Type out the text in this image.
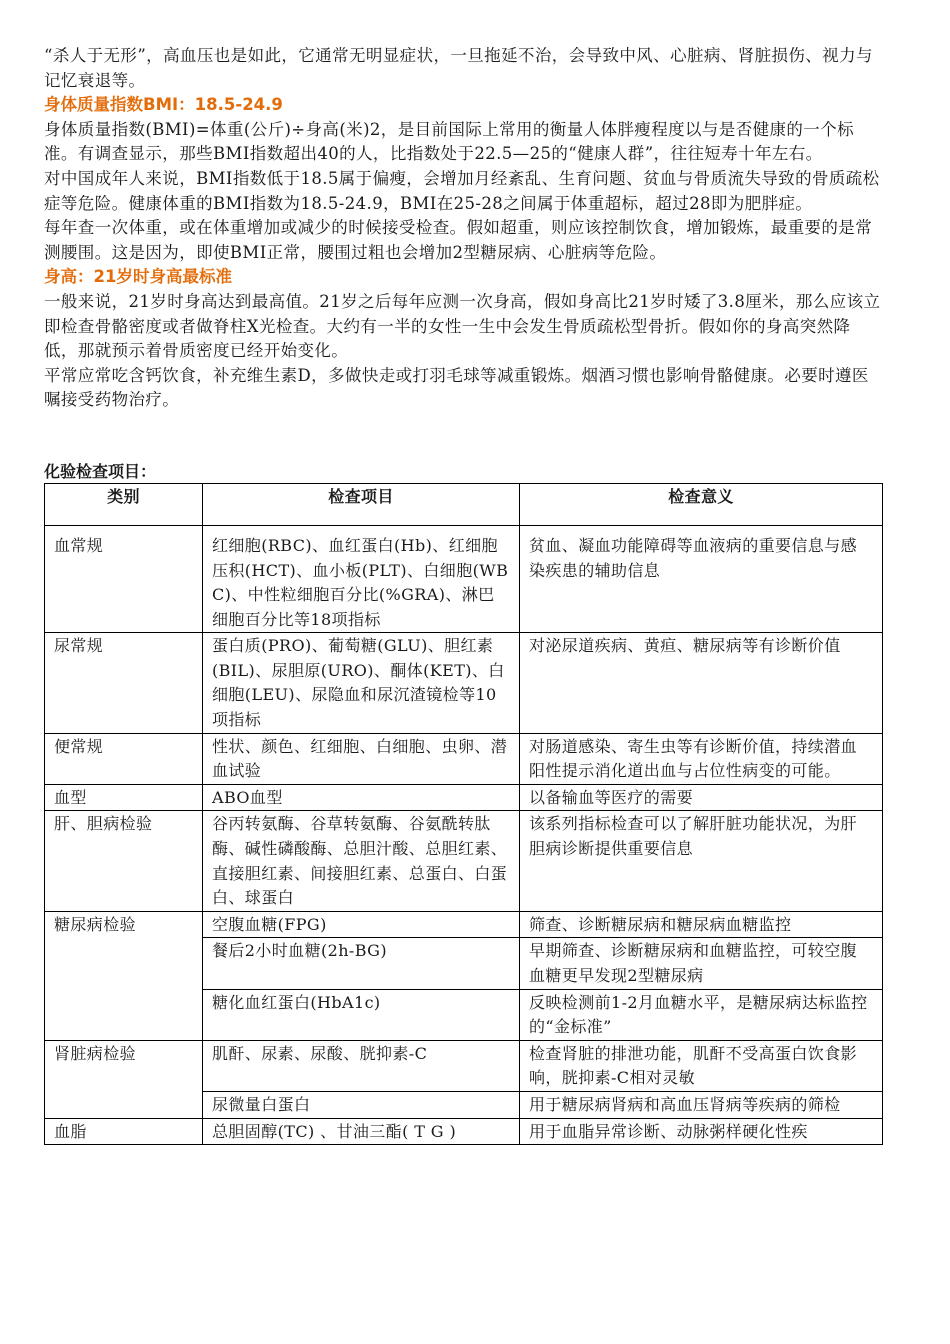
“杀人于无形”，高血压也是如此，它通常无明显症状，一旦拖延不治，会导致中风、心脏病、肾脏损伤、视力与记忆衰退等。

身体质量指数BMI：18.5-24.9

身体质量指数(BMI)=体重(公斤)÷身高(米)2，是目前国际上常用的衡量人体胖瘦程度以与是否健康的一个标准。有调查显示，那些BMI指数超出40的人，比指数处于22.5—25的“健康人群”，往往短寿十年左右。

对中国成年人来说，BMI指数低于18.5属于偏瘦，会增加月经紊乱、生育问题、贫血与骨质流失导致的骨质疏松症等危险。健康体重的BMI指数为18.5-24.9，BMI在25-28之间属于体重超标，超过28即为肥胖症。

每年查一次体重，或在体重增加或减少的时候接受检查。假如超重，则应该控制饮食，增加锻炼，最重要的是常测腰围。这是因为，即使BMI正常，腰围过粗也会增加2型糖尿病、心脏病等危险。

身高：21岁时身高最标准

一般来说，21岁时身高达到最高值。21岁之后每年应测一次身高，假如身高比21岁时矮了3.8厘米，那么应该立即检查骨骼密度或者做脊柱X光检查。大约有一半的女性一生中会发生骨质疏松型骨折。假如你的身高突然降低，那就预示着骨质密度已经开始变化。

平常应常吃含钙饮食，补充维生素D，多做快走或打羽毛球等减重锻炼。烟酒习惯也影响骨骼健康。必要时遵医嘱接受药物治疗。

化验检查项目：

类别	检查项目	检查意义
血常规	红细胞(RBC)、血红蛋白(Hb)、红细胞压积(HCT)、血小板(PLT)、白细胞(WBC)、中性粒细胞百分比(%GRA)、淋巴细胞百分比等18项指标	贫血、凝血功能障碍等血液病的重要信息与感染疾患的辅助信息
尿常规	蛋白质(PRO)、葡萄糖(GLU)、胆红素(BIL)、尿胆原(URO)、酮体(KET)、白细胞(LEU)、尿隐血和尿沉渣镜检等10项指标	对泌尿道疾病、黄疸、糖尿病等有诊断价值
便常规	性状、颜色、红细胞、白细胞、虫卵、潜血试验	对肠道感染、寄生虫等有诊断价值，持续潜血阳性提示消化道出血与占位性病变的可能。
血型	ABO血型	以备输血等医疗的需要
肝、胆病检验	谷丙转氨酶、谷草转氨酶、谷氨酰转肽酶、碱性磷酸酶、总胆汁酸、总胆红素、直接胆红素、间接胆红素、总蛋白、白蛋白、球蛋白	该系列指标检查可以了解肝脏功能状况，为肝胆病诊断提供重要信息
糖尿病检验	空腹血糖(FPG)	筛查、诊断糖尿病和糖尿病血糖监控
	餐后2小时血糖(2h-BG)	早期筛查、诊断糖尿病和血糖监控，可较空腹血糖更早发现2型糖尿病
	糖化血红蛋白(HbA1c)	反映检测前1-2月血糖水平，是糖尿病达标监控的“金标准”
肾脏病检验	肌酐、尿素、尿酸、胱抑素-C	检查肾脏的排泄功能，肌酐不受高蛋白饮食影响，胱抑素-C相对灵敏
	尿微量白蛋白	用于糖尿病肾病和高血压肾病等疾病的筛检
血脂	总胆固醇(TC) 、甘油三酯( T G )	用于血脂异常诊断、动脉粥样硬化性疾
